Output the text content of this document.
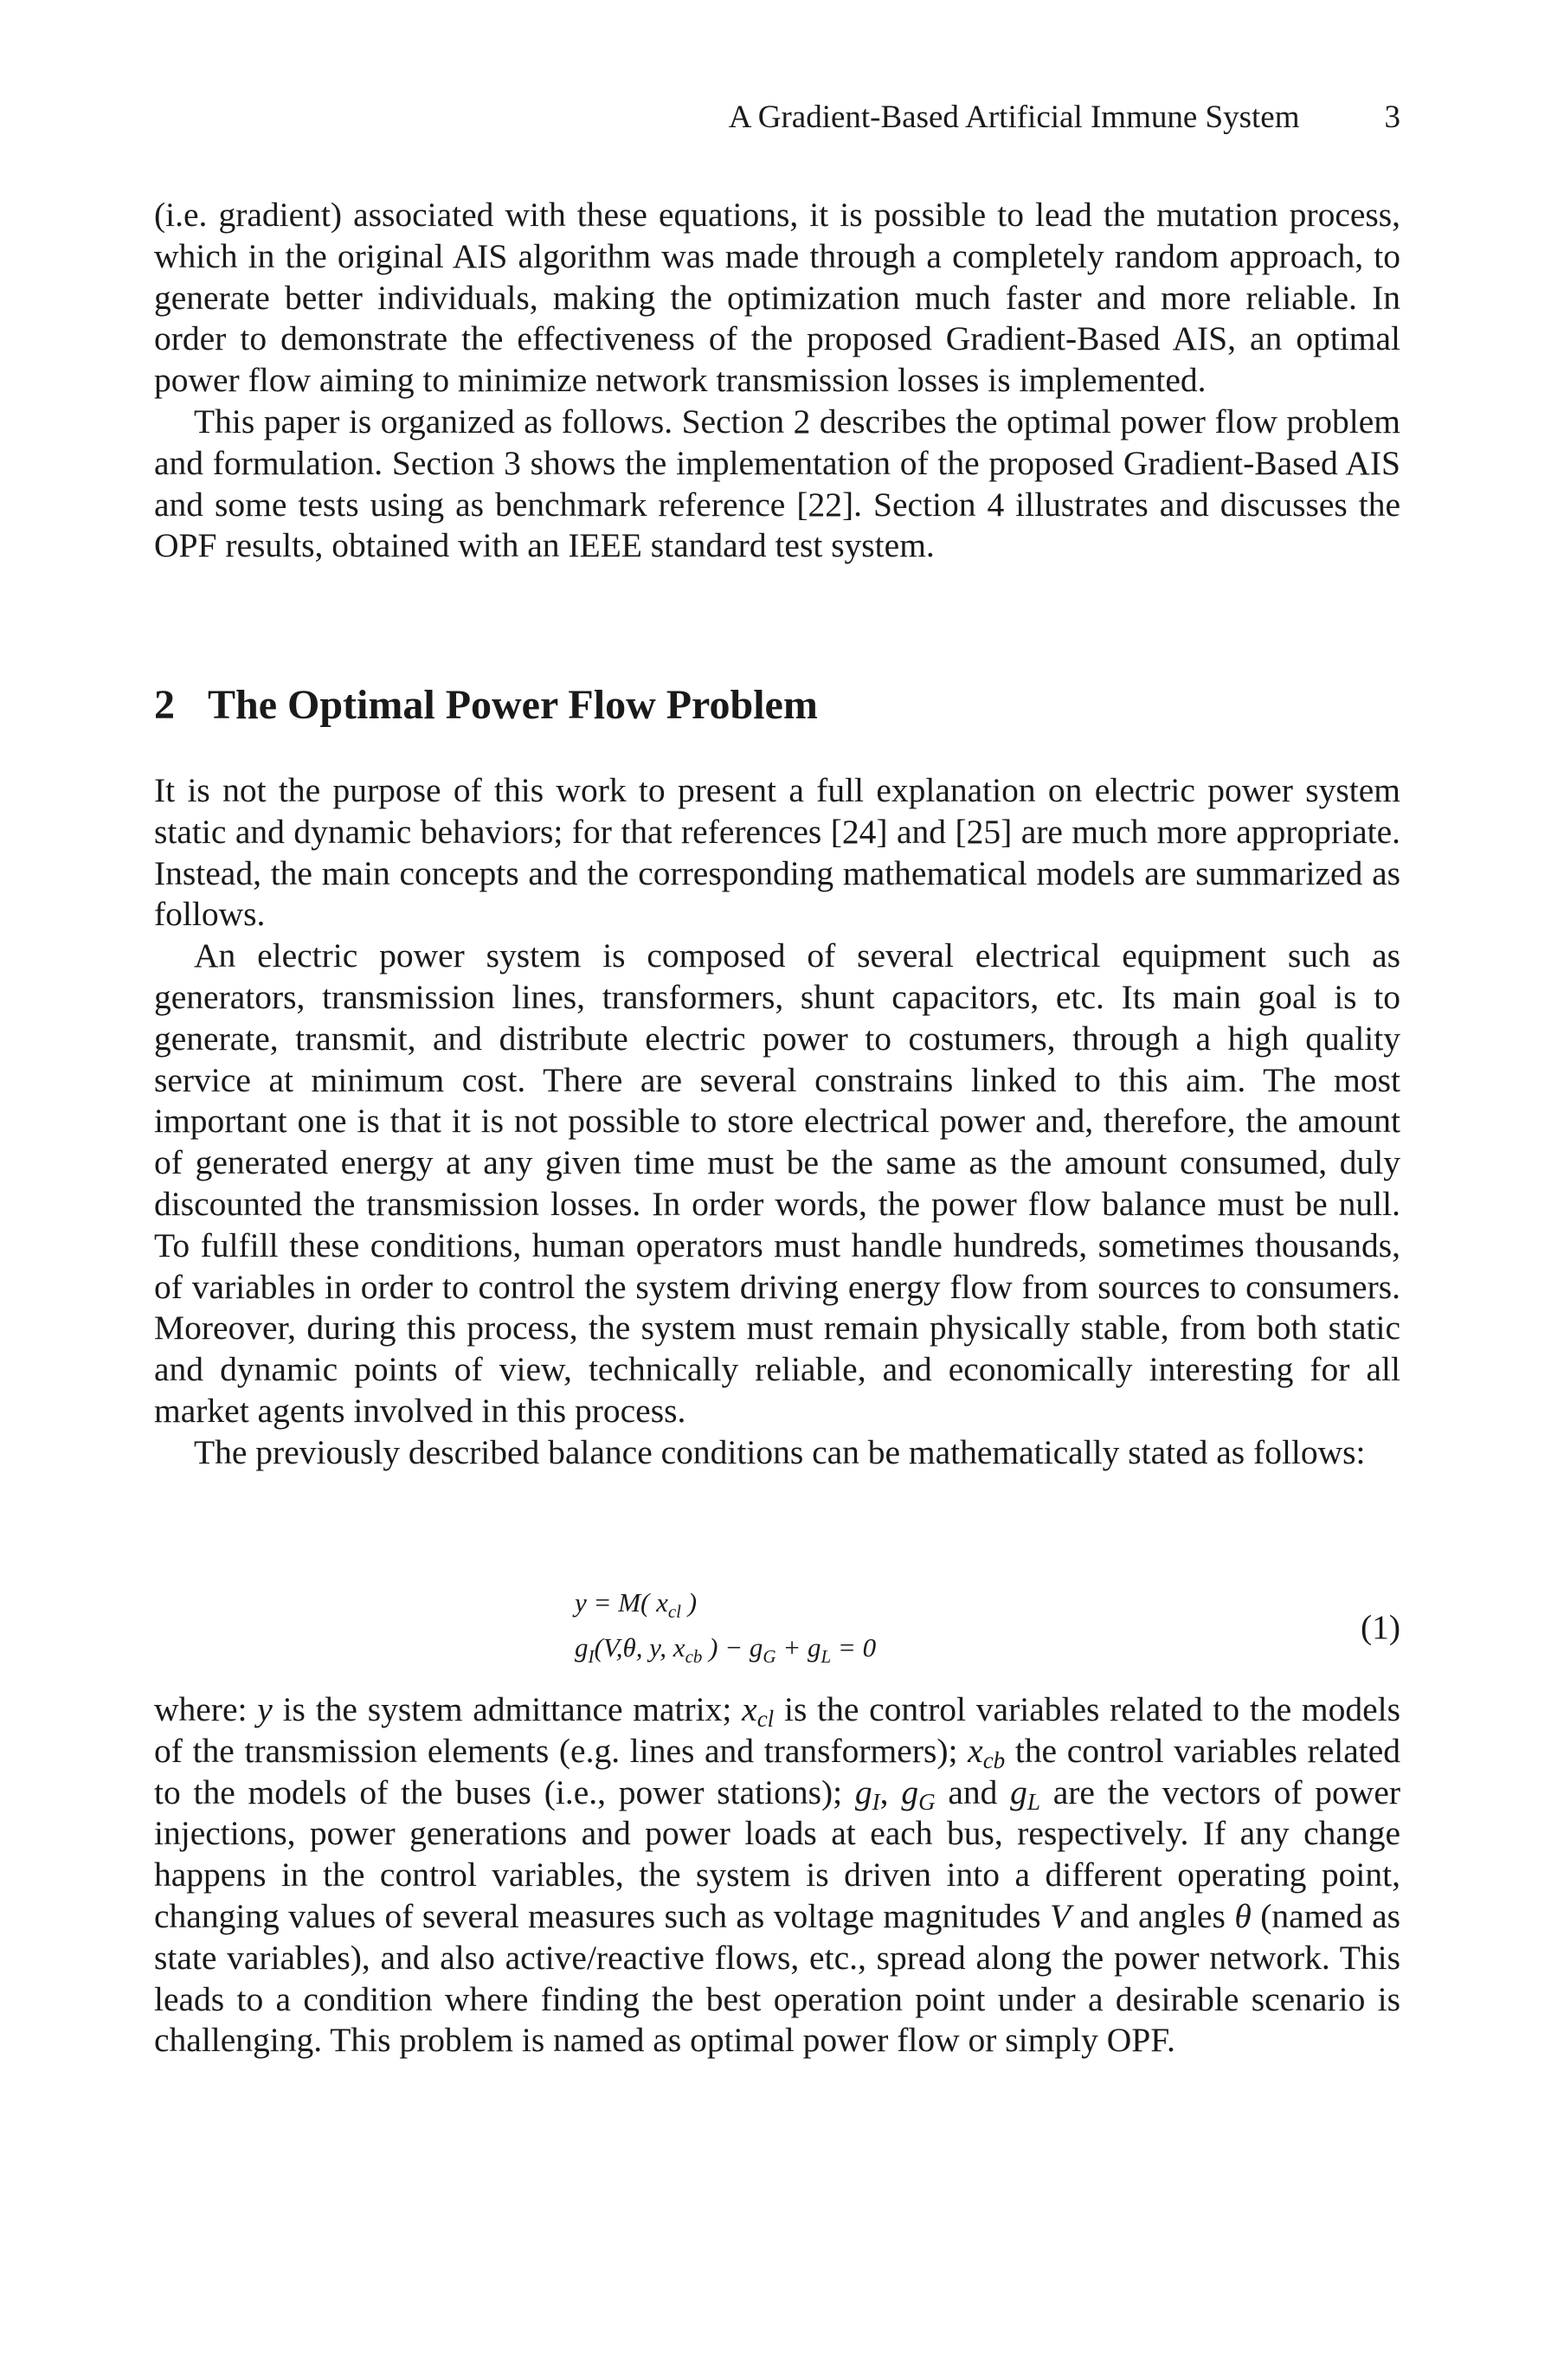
A Gradient-Based Artificial Immune System	3

(i.e. gradient) associated with these equations, it is possible to lead the mutation process, which in the original AIS algorithm was made through a completely random approach, to generate better individuals, making the optimization much faster and more reliable. In order to demonstrate the effectiveness of the proposed Gradient-Based AIS, an optimal power flow aiming to minimize network transmission losses is implemented.

This paper is organized as follows. Section 2 describes the optimal power flow problem and formulation. Section 3 shows the implementation of the proposed Gradient-Based AIS and some tests using as benchmark reference [22]. Section 4 illustrates and discusses the OPF results, obtained with an IEEE standard test system.

2 The Optimal Power Flow Problem

It is not the purpose of this work to present a full explanation on electric power system static and dynamic behaviors; for that references [24] and [25] are much more appropriate. Instead, the main concepts and the corresponding mathematical models are summarized as follows.

An electric power system is composed of several electrical equipment such as generators, transmission lines, transformers, shunt capacitors, etc. Its main goal is to generate, transmit, and distribute electric power to costumers, through a high quality service at minimum cost. There are several constrains linked to this aim. The most important one is that it is not possible to store electrical power and, therefore, the amount of generated energy at any given time must be the same as the amount consumed, duly discounted the transmission losses. In order words, the power flow balance must be null. To fulfill these conditions, human operators must handle hundreds, sometimes thousands, of variables in order to control the system driving energy flow from sources to consumers. Moreover, during this process, the system must remain physically stable, from both static and dynamic points of view, technically reliable, and economically interesting for all market agents involved in this process.

The previously described balance conditions can be mathematically stated as follows:

y = M( $x_{cl}$ )
$g_I(V,\theta$, y, $x_{cb}$ ) − $g_G + g_L = 0$
(1)

where: y is the system admittance matrix; $x_{cl}$ is the control variables related to the models of the transmission elements (e.g. lines and transformers); $x_{cb}$ the control variables related to the models of the buses (i.e., power stations); $g_I$, $g_G$ and $g_L$ are the vectors of power injections, power generations and power loads at each bus, respectively. If any change happens in the control variables, the system is driven into a different operating point, changing values of several measures such as voltage magnitudes V and angles θ (named as state variables), and also active/reactive flows, etc., spread along the power network. This leads to a condition where finding the best operation point under a desirable scenario is challenging. This problem is named as optimal power flow or simply OPF.
